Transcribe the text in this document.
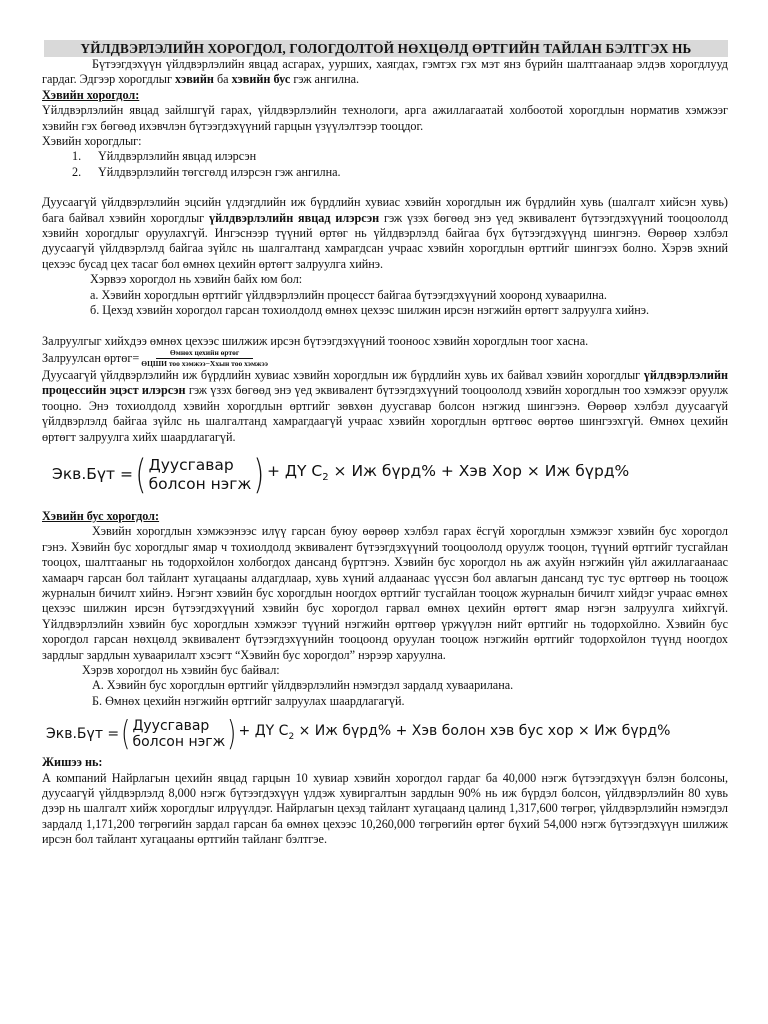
ҮЙЛДВЭРЛЭЛИЙН ХОРОГДОЛ, ГОЛОГДОЛТОЙ НӨХЦӨЛД ӨРТГИЙН ТАЙЛАН БЭЛТГЭХ НЬ

Бүтээгдэхүүн үйлдвэрлэлийн явцад асгарах, уурших, хаягдах, гэмтэх гэх мэт янз бүрийн шалтгаанаар элдэв хорогдлууд гардаг. Эдгээр хорогдлыг хэвийн ба хэвийн бус гэж ангилна.

Хэвийн хорогдол:

Үйлдвэрлэлийн явцад зайлшгүй гарах, үйлдвэрлэлийн технологи, арга ажиллагаатай холбоотой хорогдлын норматив хэмжээг хэвийн гэх бөгөөд ихэвчлэн бүтээгдэхүүний гарцын үзүүлэлтээр тооцдог.

Хэвийн хорогдлыг:
1.	Үйлдвэрлэлийн явцад илэрсэн
2.	Үйлдвэрлэлийн төгсгөлд илэрсэн гэж ангилна.

Дуусаагүй үйлдвэрлэлийн эцсийн үлдэгдлийн иж бүрдлийн хувиас хэвийн хорогдлын иж бүрдлийн хувь (шалгалт хийсэн хувь) бага байвал хэвийн хорогдлыг үйлдвэрлэлийн явцад илэрсэн гэж үзэх бөгөөд энэ үед эквивалент бүтээгдэхүүний тооцоололд хэвийн хорогдлыг оруулахгүй. Ингэснээр түүний өртөг нь үйлдвэрлэлд байгаа бүх бүтээгдэхүүнд шингэнэ. Өөрөөр хэлбэл дуусаагүй үйлдвэрлэлд байгаа зүйлс нь шалгалтанд хамрагдсан учраас хэвийн хорогдлын өртгийг шингээх болно. Хэрэв эхний цехээс бусад цех тасаг бол өмнөх цехийн өртөгт залруулга хийнэ.

Хэрвээ хорогдол нь хэвийн байх юм бол:

а. Хэвийн хорогдлын өртгийг үйлдвэрлэлийн процесст байгаа бүтээгдэхүүний хооронд хуваарилна.

б. Цехэд хэвийн хорогдол гарсан тохиолдолд өмнөх цехээс шилжин ирсэн нэгжийн өртөгт залруулга хийнэ.

Залруулгыг хийхдээ өмнөх цехээс шилжиж ирсэн бүтээгдэхүүний тооноос хэвийн хорогдлын тоог хасна.

Залруулсан өртөг= $\frac{\text{Өмнөх цехийн өртөг}}{\text{ӨЦШИ тоо хэмжээ−Ххын тоо хэмжээ}}$

Дуусаагүй үйлдвэрлэлийн иж бүрдлийн хувиас хэвийн хорогдлын иж бүрдлийн хувь их байвал хэвийн хорогдлыг үйлдвэрлэлийн процессийн эцэст илэрсэн гэж үзэх бөгөөд энэ үед эквивалент бүтээгдэхүүний тооцоололд хэвийн хорогдлын тоо хэмжээг оруулж тооцно. Энэ тохиолдолд хэвийн хорогдлын өртгийг зөвхөн дуусгавар болсон нэгжид шингээнэ. Өөрөөр хэлбэл дуусаагүй үйлдвэрлэлд байгаа зүйлс нь шалгалтанд хамрагдаагүй учраас хэвийн хорогдлын өртгөөс өөртөө шингээхгүй. Өмнөх цехийн өртөгт залруулга хийх шаардлагагүй.

Экв.Бүт = ( Дуусгавар
болсон нэгж ) + ДҮ $С_2$ × Иж бүрд% + Хэв Хор × Иж бүрд%
Хэвийн бус хорогдол:

Хэвийн хорогдлын хэмжээнээс илүү гарсан буюу өөрөөр хэлбэл гарах ёсгүй хорогдлын хэмжээг хэвийн бус хорогдол гэнэ. Хэвийн бус хорогдлыг ямар ч тохиолдолд эквивалент бүтээгдэхүүний тооцоололд оруулж тооцон, түүний өртгийг тусгайлан тооцох, шалтгааныг нь тодорхойлон холбогдох дансанд бүртгэнэ. Хэвийн бус хорогдол нь аж ахуйн нэгжийн үйл ажиллагаанаас хамаарч гарсан бол тайлант хугацааны алдагдлаар, хувь хүний алдаанаас үүссэн бол авлагын дансанд тус тус өртгөөр нь тооцож журналын бичилт хийнэ. Нэгэнт хэвийн бус хорогдлын ноогдох өртгийг тусгайлан тооцож журналын бичилт хийдэг учраас өмнөх цехээс шилжин ирсэн бүтээгдэхүүний хэвийн бус хорогдол гарвал өмнөх цехийн өртөгт ямар нэгэн залруулга хийхгүй. Үйлдвэрлэлийн хэвийн бус хорогдлын хэмжээг түүний нэгжийн өртгөөр үржүүлэн нийт өртгийг нь тодорхойлно. Хэвийн бус хорогдол гарсан нөхцөлд эквивалент бүтээгдэхүүнийн тооцоонд оруулан тооцож нэгжийн өртгийг тодорхойлон түүнд ноогдох зардлыг зардлын хуваарилалт хэсэгт “Хэвийн бус хорогдол” нэрээр харуулна.

Хэрэв хорогдол нь хэвийн бус байвал:
А. Хэвийн бус хорогдлын өртгийг үйлдвэрлэлийн нэмэгдэл зардалд хуваарилана.
Б. Өмнөх цехийн нэгжийн өртгийг залруулах шаардлагагүй.
Экв.Бүт = ( Дуусгавар
болсон нэгж ) + ДҮ $С_2$ × Иж бүрд% + Хэв болон хэв бус хор × Иж бүрд%
Жишээ нь:

А компаний Найрлагын цехийн явцад гарцын 10 хувиар хэвийн хорогдол гардаг ба 40,000 нэгж бүтээгдэхүүн бэлэн болсоны, дуусаагүй үйлдвэрлэлд 8,000 нэгж бүтээгдэхүүн үлдэж хувиргалтын зардлын 90% нь иж бүрдэл болсон, үйлдвэрлэлийн 80 хувь дээр нь шалгалт хийж хорогдлыг илрүүлдэг. Найрлагын цехэд тайлант хугацаанд цалинд 1,317,600 төгрөг, үйлдвэрлэлийн нэмэгдэл зардалд 1,171,200 төгрөгийн зардал гарсан ба өмнөх цехээс 10,260,000 төгрөгийн өртөг бүхий 54,000 нэгж бүтээгдэхүүн шилжиж ирсэн бол тайлант хугацааны өртгийн тайланг бэлтгэе.
